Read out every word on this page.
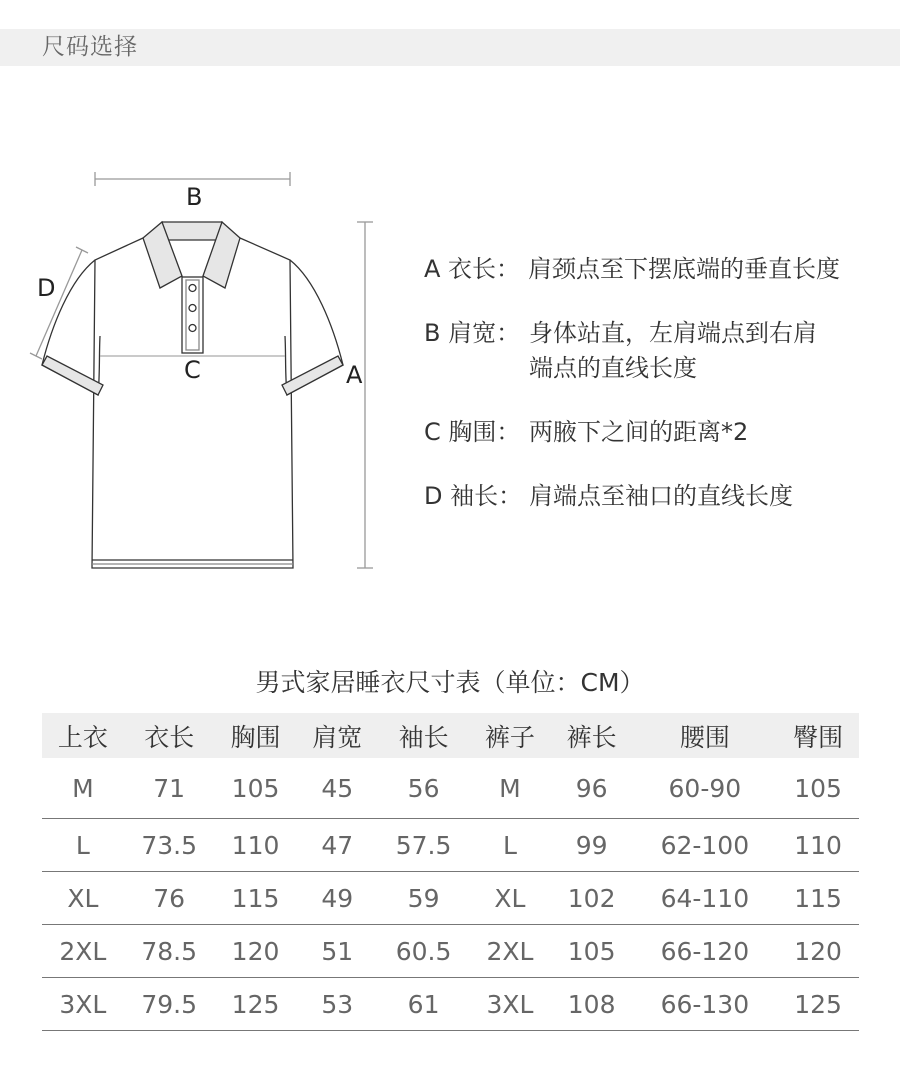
尺码选择
B
A
C
D
A 衣长： 肩颈点至下摆底端的垂直长度
B 肩宽： 身体站直，左肩端点到右肩端点的直线长度
C 胸围： 两腋下之间的距离*2
D 袖长： 肩端点至袖口的直线长度
男式家居睡衣尺寸表（单位：CM）
上衣	衣长	胸围	肩宽	袖长	裤子	裤长	腰围	臀围
M	71	105	45	56	M	96	60-90	105
L	73.5	110	47	57.5	L	99	62-100	110
XL	76	115	49	59	XL	102	64-110	115
2XL	78.5	120	51	60.5	2XL	105	66-120	120
3XL	79.5	125	53	61	3XL	108	66-130	125
